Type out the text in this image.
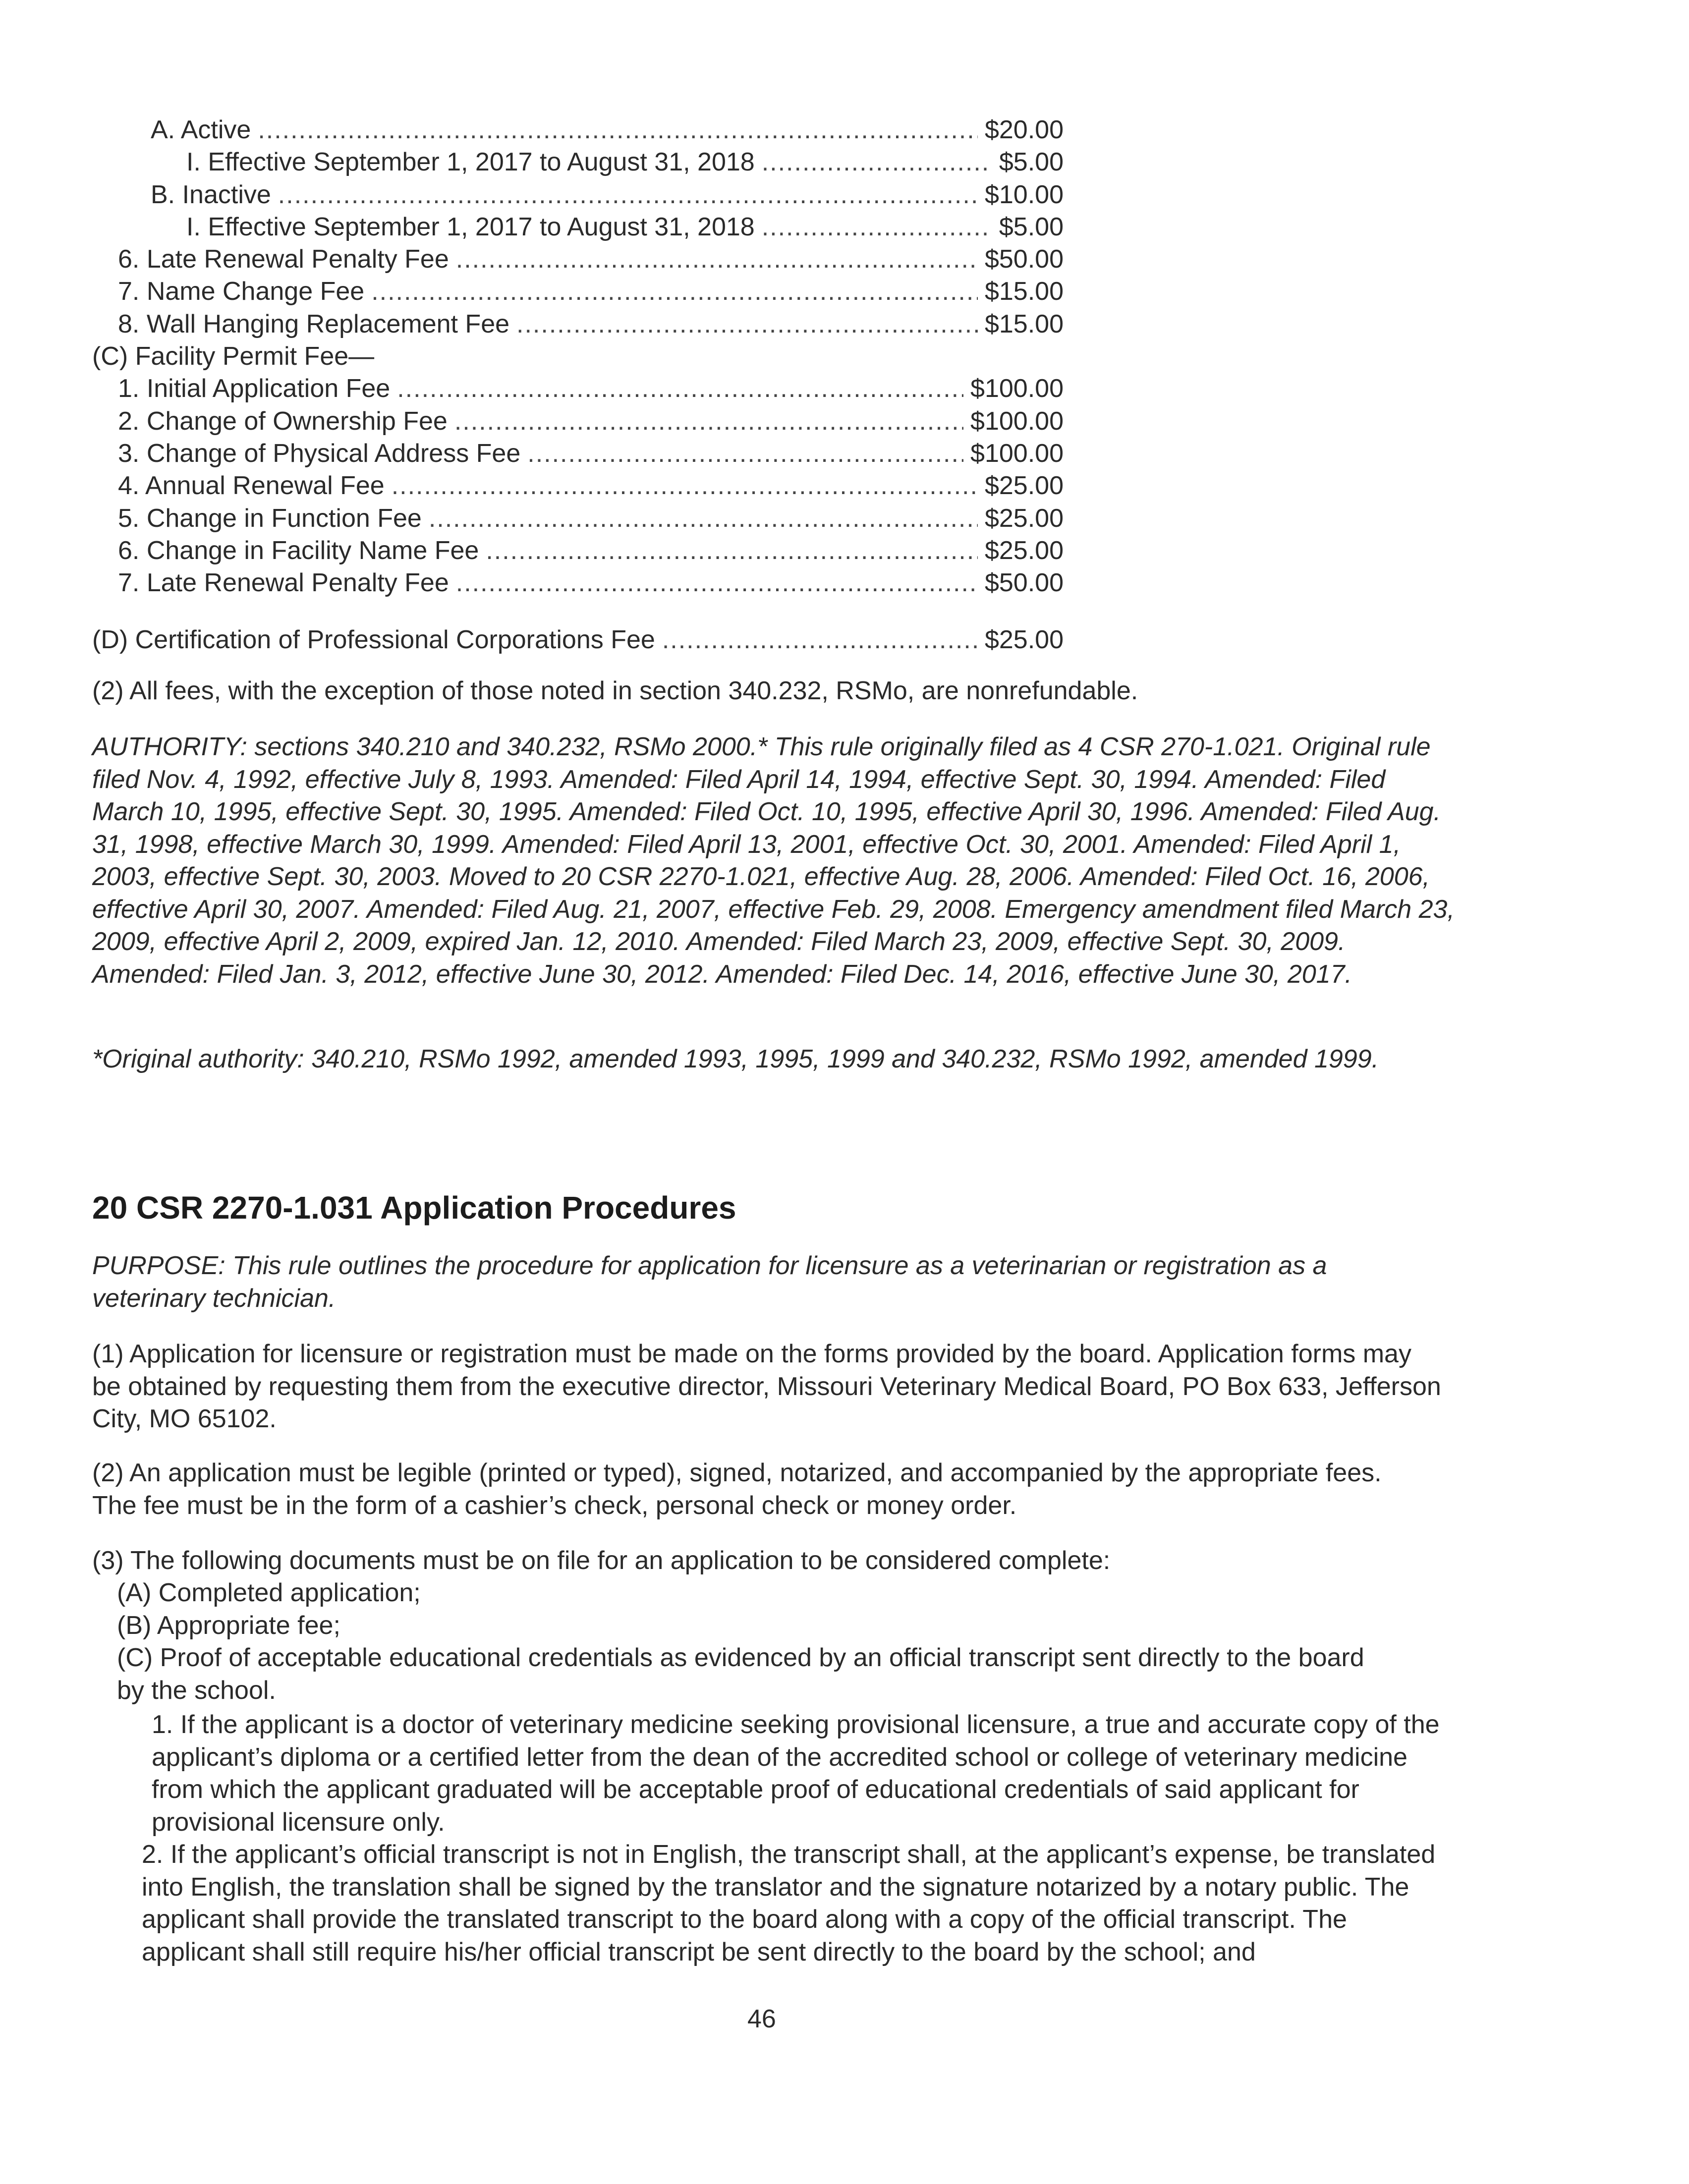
A. Active .....	$20.00
I. Effective September 1, 2017 to August 31, 2018 .....	$5.00
B. Inactive .....	$10.00
I. Effective September 1, 2017 to August 31, 2018 .....	$5.00
6. Late Renewal Penalty Fee .....	$50.00
7. Name Change Fee .....	$15.00
8. Wall Hanging Replacement Fee .....	$15.00
(C) Facility Permit Fee—
1. Initial Application Fee .....	$100.00
2. Change of Ownership Fee .....	$100.00
3. Change of Physical Address Fee .....	$100.00
4. Annual Renewal Fee .....	$25.00
5. Change in Function Fee .....	$25.00
6. Change in Facility Name Fee .....	$25.00
7. Late Renewal Penalty Fee .....	$50.00
(D) Certification of Professional Corporations Fee .....	$25.00

(2) All fees, with the exception of those noted in section 340.232, RSMo, are nonrefundable.

AUTHORITY: sections 340.210 and 340.232, RSMo 2000.* This rule originally filed as 4 CSR 270-1.021. Original rule filed Nov. 4, 1992, effective July 8, 1993. Amended: Filed April 14, 1994, effective Sept. 30, 1994. Amended: Filed March 10, 1995, effective Sept. 30, 1995. Amended: Filed Oct. 10, 1995, effective April 30, 1996. Amended: Filed Aug. 31, 1998, effective March 30, 1999. Amended: Filed April 13, 2001, effective Oct. 30, 2001. Amended: Filed April 1, 2003, effective Sept. 30, 2003. Moved to 20 CSR 2270-1.021, effective Aug. 28, 2006. Amended: Filed Oct. 16, 2006, effective April 30, 2007. Amended: Filed Aug. 21, 2007, effective Feb. 29, 2008. Emergency amendment filed March 23, 2009, effective April 2, 2009, expired Jan. 12, 2010. Amended: Filed March 23, 2009, effective Sept. 30, 2009. Amended: Filed Jan. 3, 2012, effective June 30, 2012. Amended: Filed Dec. 14, 2016, effective June 30, 2017.

*Original authority: 340.210, RSMo 1992, amended 1993, 1995, 1999 and 340.232, RSMo 1992, amended 1999.

20 CSR 2270-1.031 Application Procedures

PURPOSE: This rule outlines the procedure for application for licensure as a veterinarian or registration as a veterinary technician.

(1) Application for licensure or registration must be made on the forms provided by the board. Application forms may be obtained by requesting them from the executive director, Missouri Veterinary Medical Board, PO Box 633, Jefferson City, MO 65102.

(2) An application must be legible (printed or typed), signed, notarized, and accompanied by the appropriate fees. The fee must be in the form of a cashier’s check, personal check or money order.

(3) The following documents must be on file for an application to be considered complete:

(A) Completed application;

(B) Appropriate fee;

(C) Proof of acceptable educational credentials as evidenced by an official transcript sent directly to the board by the school.

1. If the applicant is a doctor of veterinary medicine seeking provisional licensure, a true and accurate copy of the applicant’s diploma or a certified letter from the dean of the accredited school or college of veterinary medicine from which the applicant graduated will be acceptable proof of educational credentials of said applicant for provisional licensure only.

2. If the applicant’s official transcript is not in English, the transcript shall, at the applicant’s expense, be translated into English, the translation shall be signed by the translator and the signature notarized by a notary public. The applicant shall provide the translated transcript to the board along with a copy of the official transcript. The applicant shall still require his/her official transcript be sent directly to the board by the school; and

46
